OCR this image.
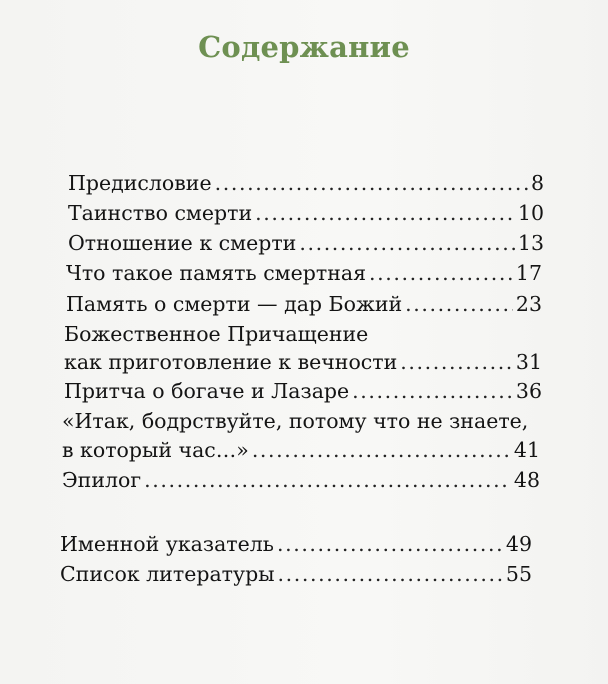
Содержание
Предисловие .....	8
Таинство смерти .....	10
Отношение к смерти .....	13
Что такое память смертная .....	17
Память о смерти — дар Божий .....	23
Божественное Причащение
как приготовление к вечности .....	31
Притча о богаче и Лазаре .....	36
«Итак, бодрствуйте, потому что не знаете,
в который час…» .....	41
Эпилог .....	48
Именной указатель .....	49
Список литературы .....	55
